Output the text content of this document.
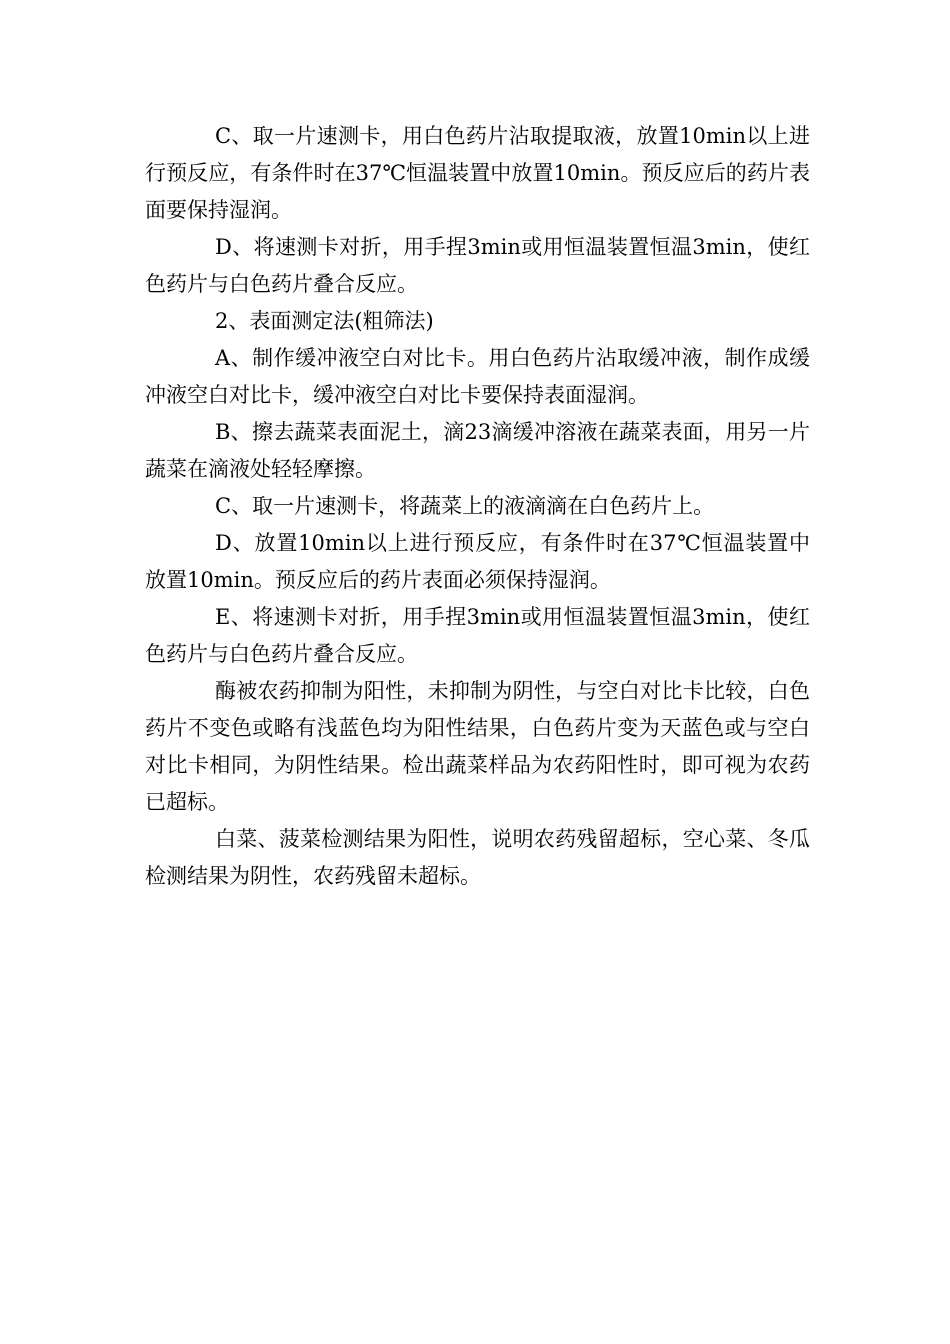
C、取一片速测卡，用白色药片沾取提取液，放置10min以上进行预反应，有条件时在37℃恒温装置中放置10min。预反应后的药片表面要保持湿润。

D、将速测卡对折，用手捏3min或用恒温装置恒温3min，使红色药片与白色药片叠合反应。

2、表面测定法(粗筛法)

A、制作缓冲液空白对比卡。用白色药片沾取缓冲液，制作成缓冲液空白对比卡，缓冲液空白对比卡要保持表面湿润。

B、擦去蔬菜表面泥土，滴23滴缓冲溶液在蔬菜表面，用另一片蔬菜在滴液处轻轻摩擦。

C、取一片速测卡，将蔬菜上的液滴滴在白色药片上。

D、放置10min以上进行预反应，有条件时在37℃恒温装置中放置10min。预反应后的药片表面必须保持湿润。

E、将速测卡对折，用手捏3min或用恒温装置恒温3min，使红色药片与白色药片叠合反应。

酶被农药抑制为阳性，未抑制为阴性，与空白对比卡比较，白色药片不变色或略有浅蓝色均为阳性结果，白色药片变为天蓝色或与空白对比卡相同，为阴性结果。检出蔬菜样品为农药阳性时，即可视为农药已超标。

白菜、菠菜检测结果为阳性，说明农药残留超标，空心菜、冬瓜检测结果为阴性，农药残留未超标。
